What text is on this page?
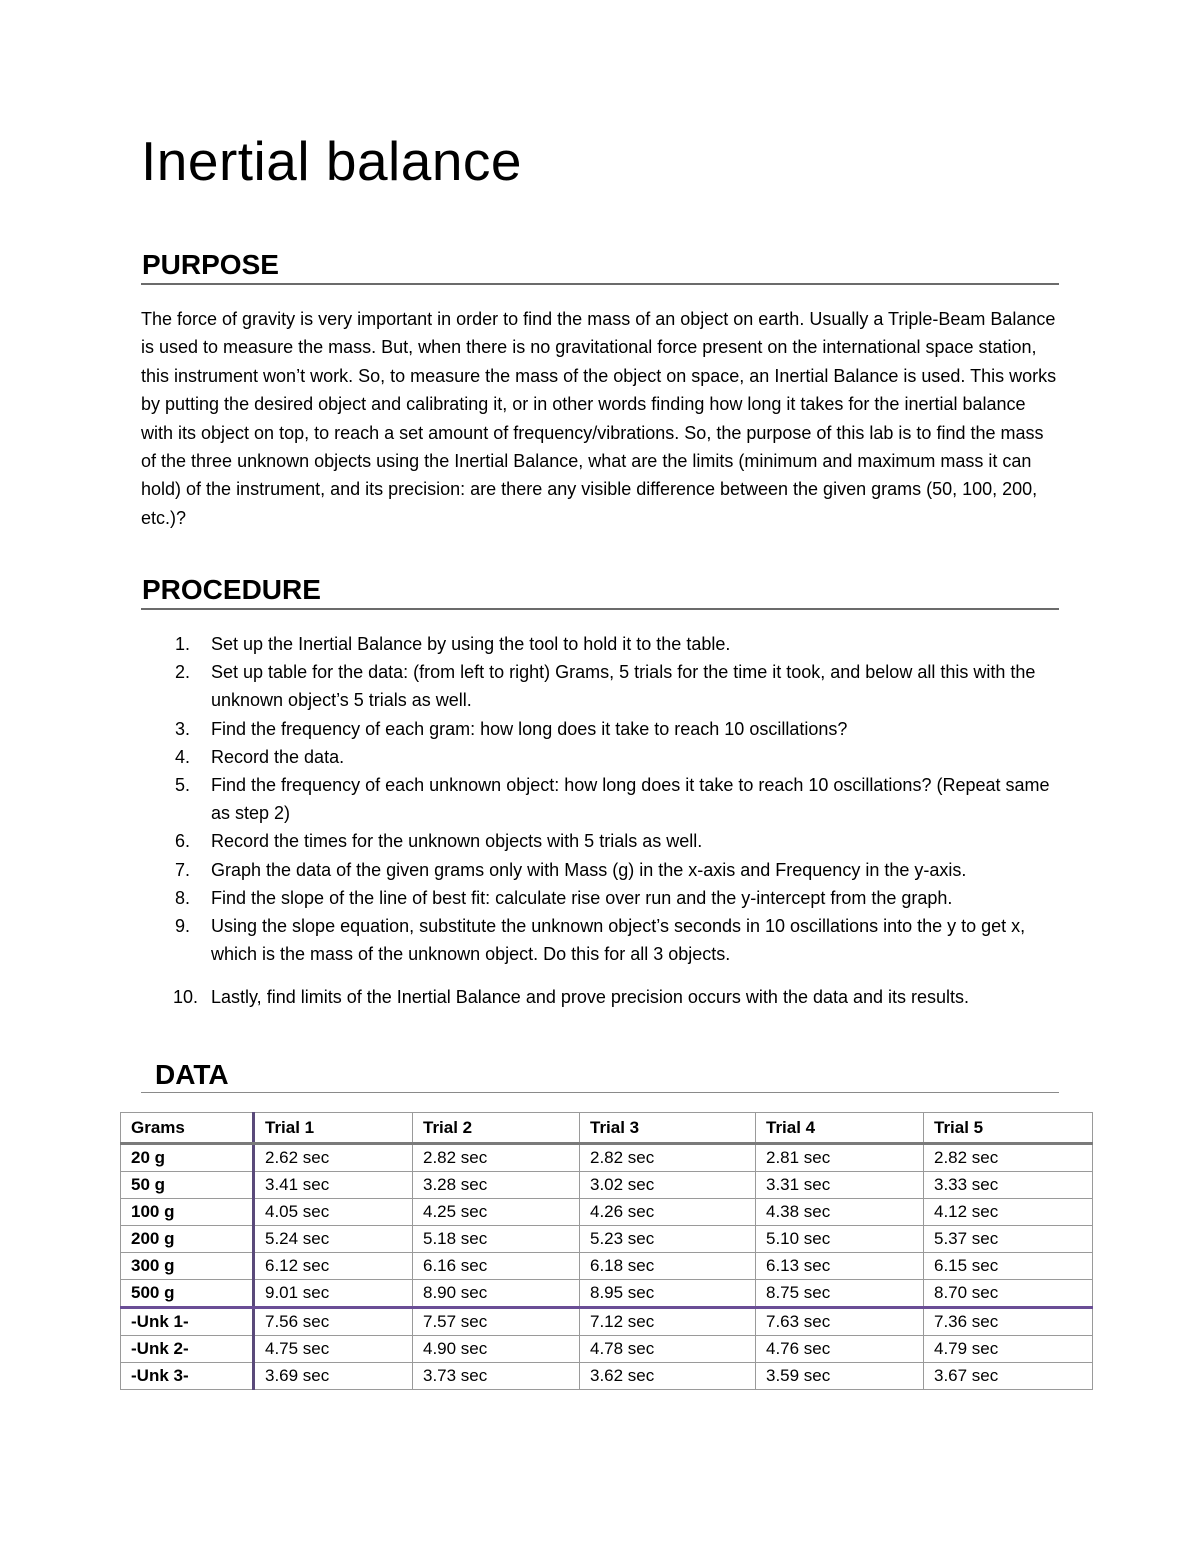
Inertial balance
PURPOSE

The force of gravity is very important in order to find the mass of an object on earth. Usually a Triple-Beam Balance is used to measure the mass. But, when there is no gravitational force present on the international space station, this instrument won’t work. So, to measure the mass of the object on space, an Inertial Balance is used. This works by putting the desired object and calibrating it, or in other words finding how long it takes for the inertial balance with its object on top, to reach a set amount of frequency/vibrations. So, the purpose of this lab is to find the mass of the three unknown objects using the Inertial Balance, what are the limits (minimum and maximum mass it can hold) of the instrument, and its precision: are there any visible difference between the given grams (50, 100, 200, etc.)?

PROCEDURE
1. Set up the Inertial Balance by using the tool to hold it to the table.
2. Set up table for the data: (from left to right) Grams, 5 trials for the time it took, and below all this with the unknown object’s 5 trials as well.
3. Find the frequency of each gram: how long does it take to reach 10 oscillations?
4. Record the data.
5. Find the frequency of each unknown object: how long does it take to reach 10 oscillations? (Repeat same as step 2)
6. Record the times for the unknown objects with 5 trials as well.
7. Graph the data of the given grams only with Mass (g) in the x-axis and Frequency in the y-axis.
8. Find the slope of the line of best fit: calculate rise over run and the y-intercept from the graph.
9. Using the slope equation, substitute the unknown object’s seconds in 10 oscillations into the y to get x, which is the mass of the unknown object. Do this for all 3 objects.
10. Lastly, find limits of the Inertial Balance and prove precision occurs with the data and its results.
DATA
Grams	Trial 1	Trial 2	Trial 3	Trial 4	Trial 5
20 g	2.62 sec	2.82 sec	2.82 sec	2.81 sec	2.82 sec
50 g	3.41 sec	3.28 sec	3.02 sec	3.31 sec	3.33 sec
100 g	4.05 sec	4.25 sec	4.26 sec	4.38 sec	4.12 sec
200 g	5.24 sec	5.18 sec	5.23 sec	5.10 sec	5.37 sec
300 g	6.12 sec	6.16 sec	6.18 sec	6.13 sec	6.15 sec
500 g	9.01 sec	8.90 sec	8.95 sec	8.75 sec	8.70 sec
-Unk 1-	7.56 sec	7.57 sec	7.12 sec	7.63 sec	7.36 sec
-Unk 2-	4.75 sec	4.90 sec	4.78 sec	4.76 sec	4.79 sec
-Unk 3-	3.69 sec	3.73 sec	3.62 sec	3.59 sec	3.67 sec
